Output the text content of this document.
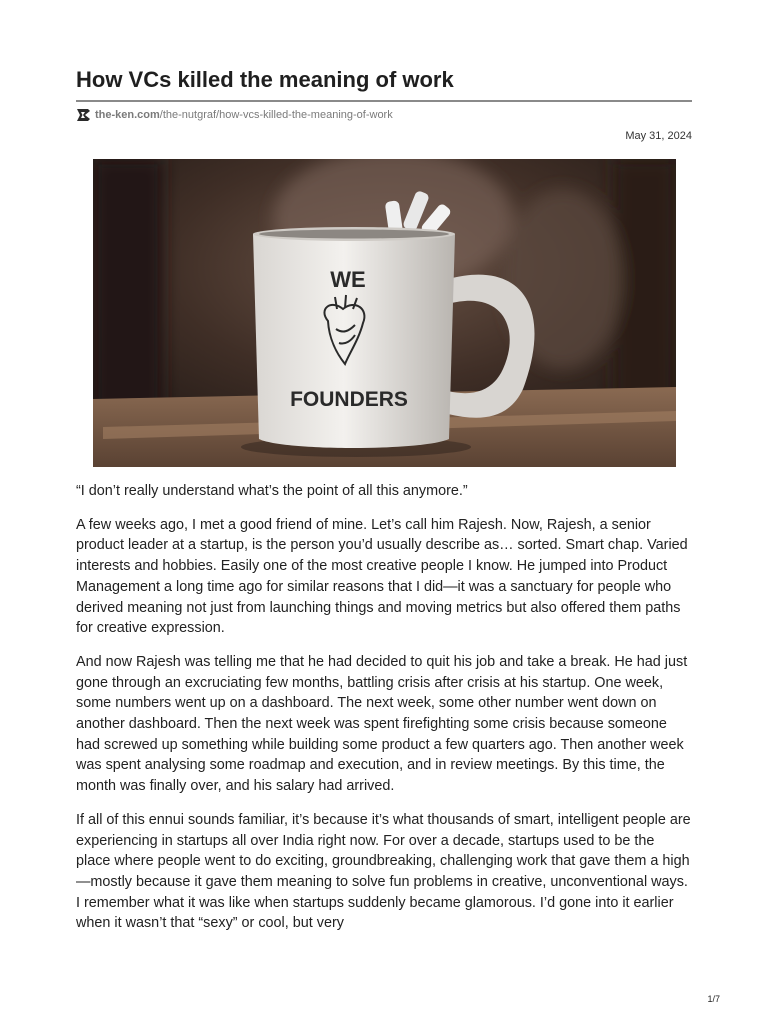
How VCs killed the meaning of work
the-ken.com /the-nutgraf/how-vcs-killed-the-meaning-of-work
May 31, 2024
WE
FOUNDERS

“I don’t really understand what’s the point of all this anymore.”

A few weeks ago, I met a good friend of mine. Let’s call him Rajesh. Now, Rajesh, a senior product leader at a startup, is the person you’d usually describe as… sorted. Smart chap. Varied interests and hobbies. Easily one of the most creative people I know. He jumped into Product Management a long time ago for similar reasons that I did—it was a sanctuary for people who derived meaning not just from launching things and moving metrics but also offered them paths for creative expression.

And now Rajesh was telling me that he had decided to quit his job and take a break. He had just gone through an excruciating few months, battling crisis after crisis at his startup. One week, some numbers went up on a dashboard. The next week, some other number went down on another dashboard. Then the next week was spent firefighting some crisis because someone had screwed up something while building some product a few quarters ago. Then another week was spent analysing some roadmap and execution, and in review meetings. By this time, the month was finally over, and his salary had arrived.

If all of this ennui sounds familiar, it’s because it’s what thousands of smart, intelligent people are experiencing in startups all over India right now. For over a decade, startups used to be the place where people went to do exciting, groundbreaking, challenging work that gave them a high—mostly because it gave them meaning to solve fun problems in creative, unconventional ways. I remember what it was like when startups suddenly became glamorous. I’d gone into it earlier when it wasn’t that “sexy” or cool, but very

1/7
